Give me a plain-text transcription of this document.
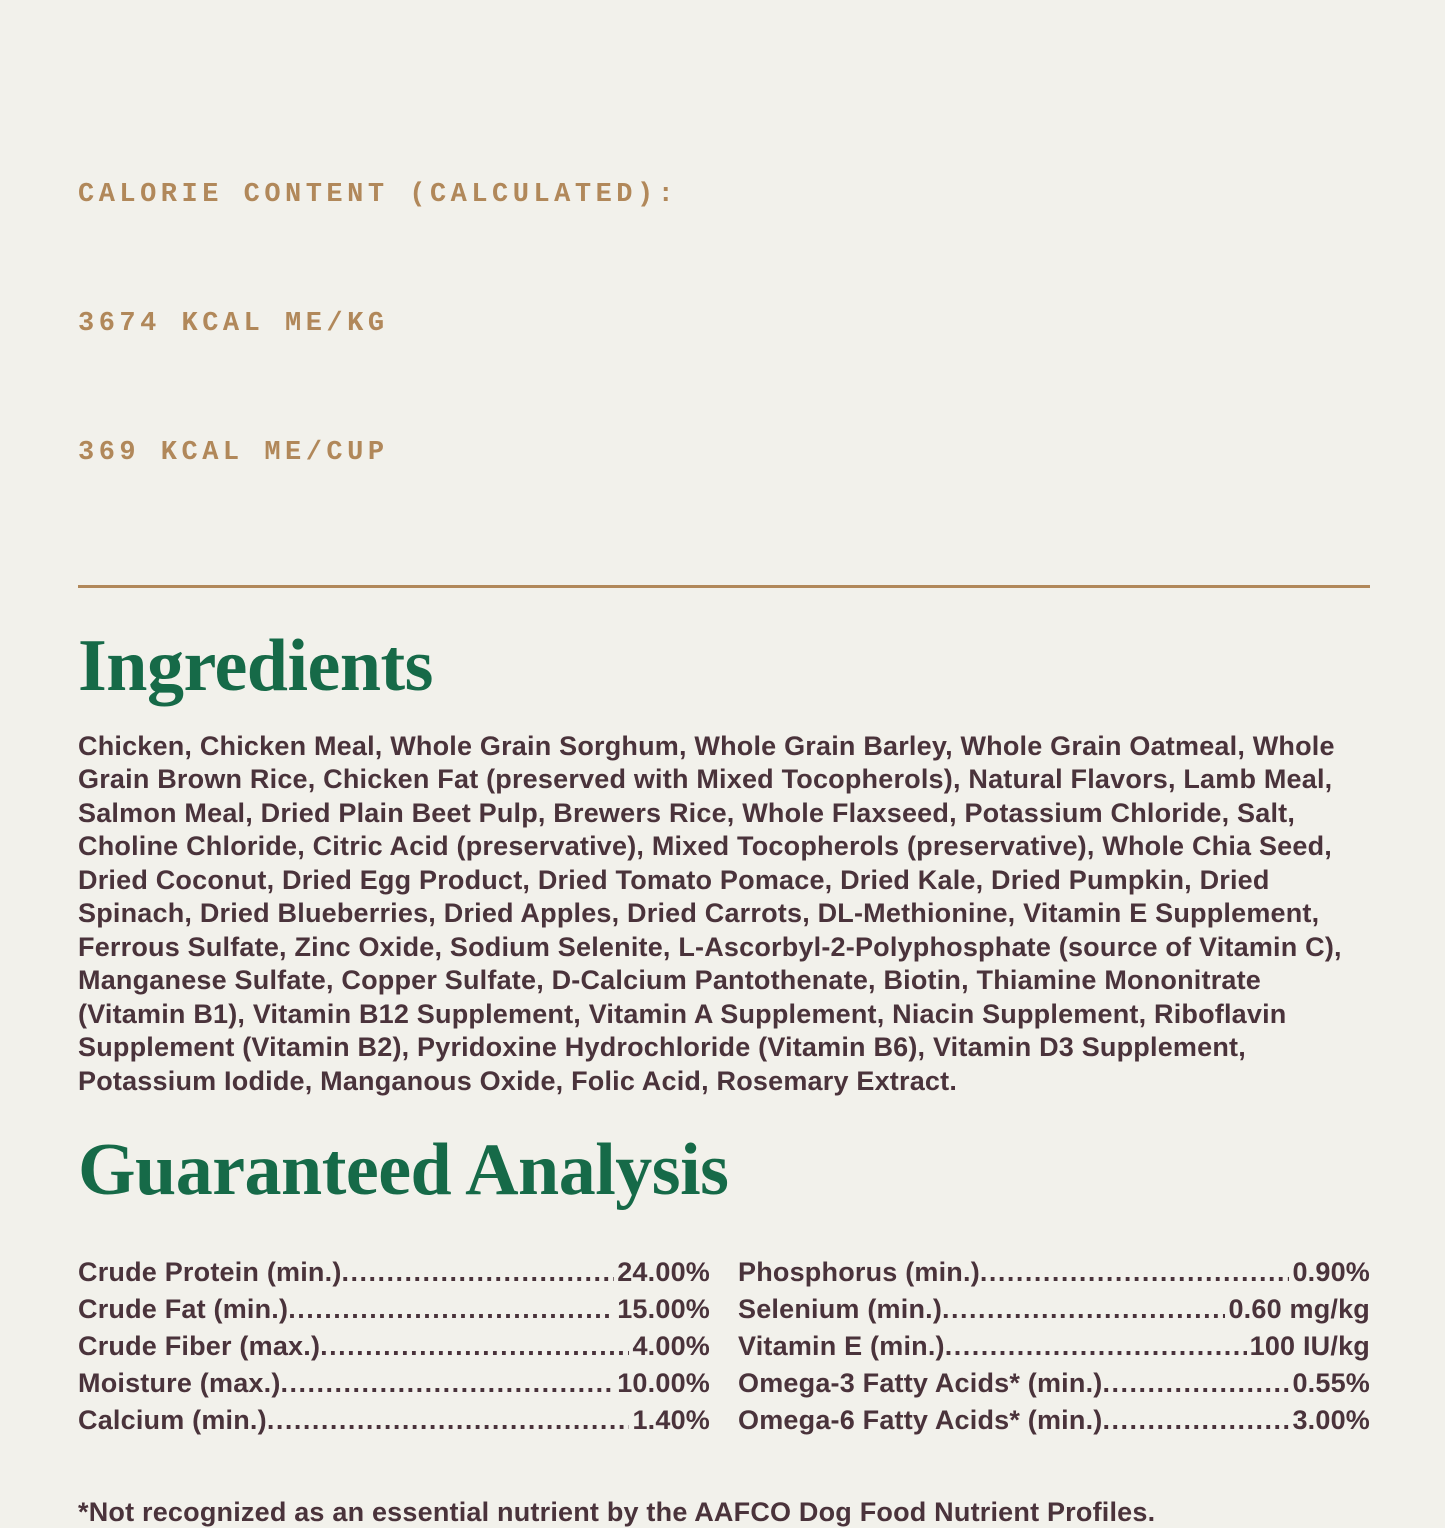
CALORIE CONTENT (CALCULATED):

3674 KCAL ME/KG

369 KCAL ME/CUP

Ingredients

Chicken, Chicken Meal, Whole Grain Sorghum, Whole Grain Barley, Whole Grain Oatmeal, Whole Grain Brown Rice, Chicken Fat (preserved with Mixed Tocopherols), Natural Flavors, Lamb Meal, Salmon Meal, Dried Plain Beet Pulp, Brewers Rice, Whole Flaxseed, Potassium Chloride, Salt, Choline Chloride, Citric Acid (preservative), Mixed Tocopherols (preservative), Whole Chia Seed, Dried Coconut, Dried Egg Product, Dried Tomato Pomace, Dried Kale, Dried Pumpkin, Dried Spinach, Dried Blueberries, Dried Apples, Dried Carrots, DL-Methionine, Vitamin E Supplement, Ferrous Sulfate, Zinc Oxide, Sodium Selenite, L-Ascorbyl-2-Polyphosphate (source of Vitamin C), Manganese Sulfate, Copper Sulfate, D-Calcium Pantothenate, Biotin, Thiamine Mononitrate (Vitamin B1), Vitamin B12 Supplement, Vitamin A Supplement, Niacin Supplement, Riboflavin Supplement (Vitamin B2), Pyridoxine Hydrochloride (Vitamin B6), Vitamin D3 Supplement, Potassium Iodide, Manganous Oxide, Folic Acid, Rosemary Extract.

Guaranteed Analysis
Crude Protein (min.) .....	24.00%
Crude Fat (min.) .....	15.00%
Crude Fiber (max.) .....	4.00%
Moisture (max.) .....	10.00%
Calcium (min.) .....	1.40%
Phosphorus (min.) .....	0.90%
Selenium (min.) .....	0.60 mg/kg
Vitamin E (min.) .....	100 IU/kg
Omega-3 Fatty Acids* (min.) .....	0.55%
Omega-6 Fatty Acids* (min.) .....	3.00%

*Not recognized as an essential nutrient by the AAFCO Dog Food Nutrient Profiles.
